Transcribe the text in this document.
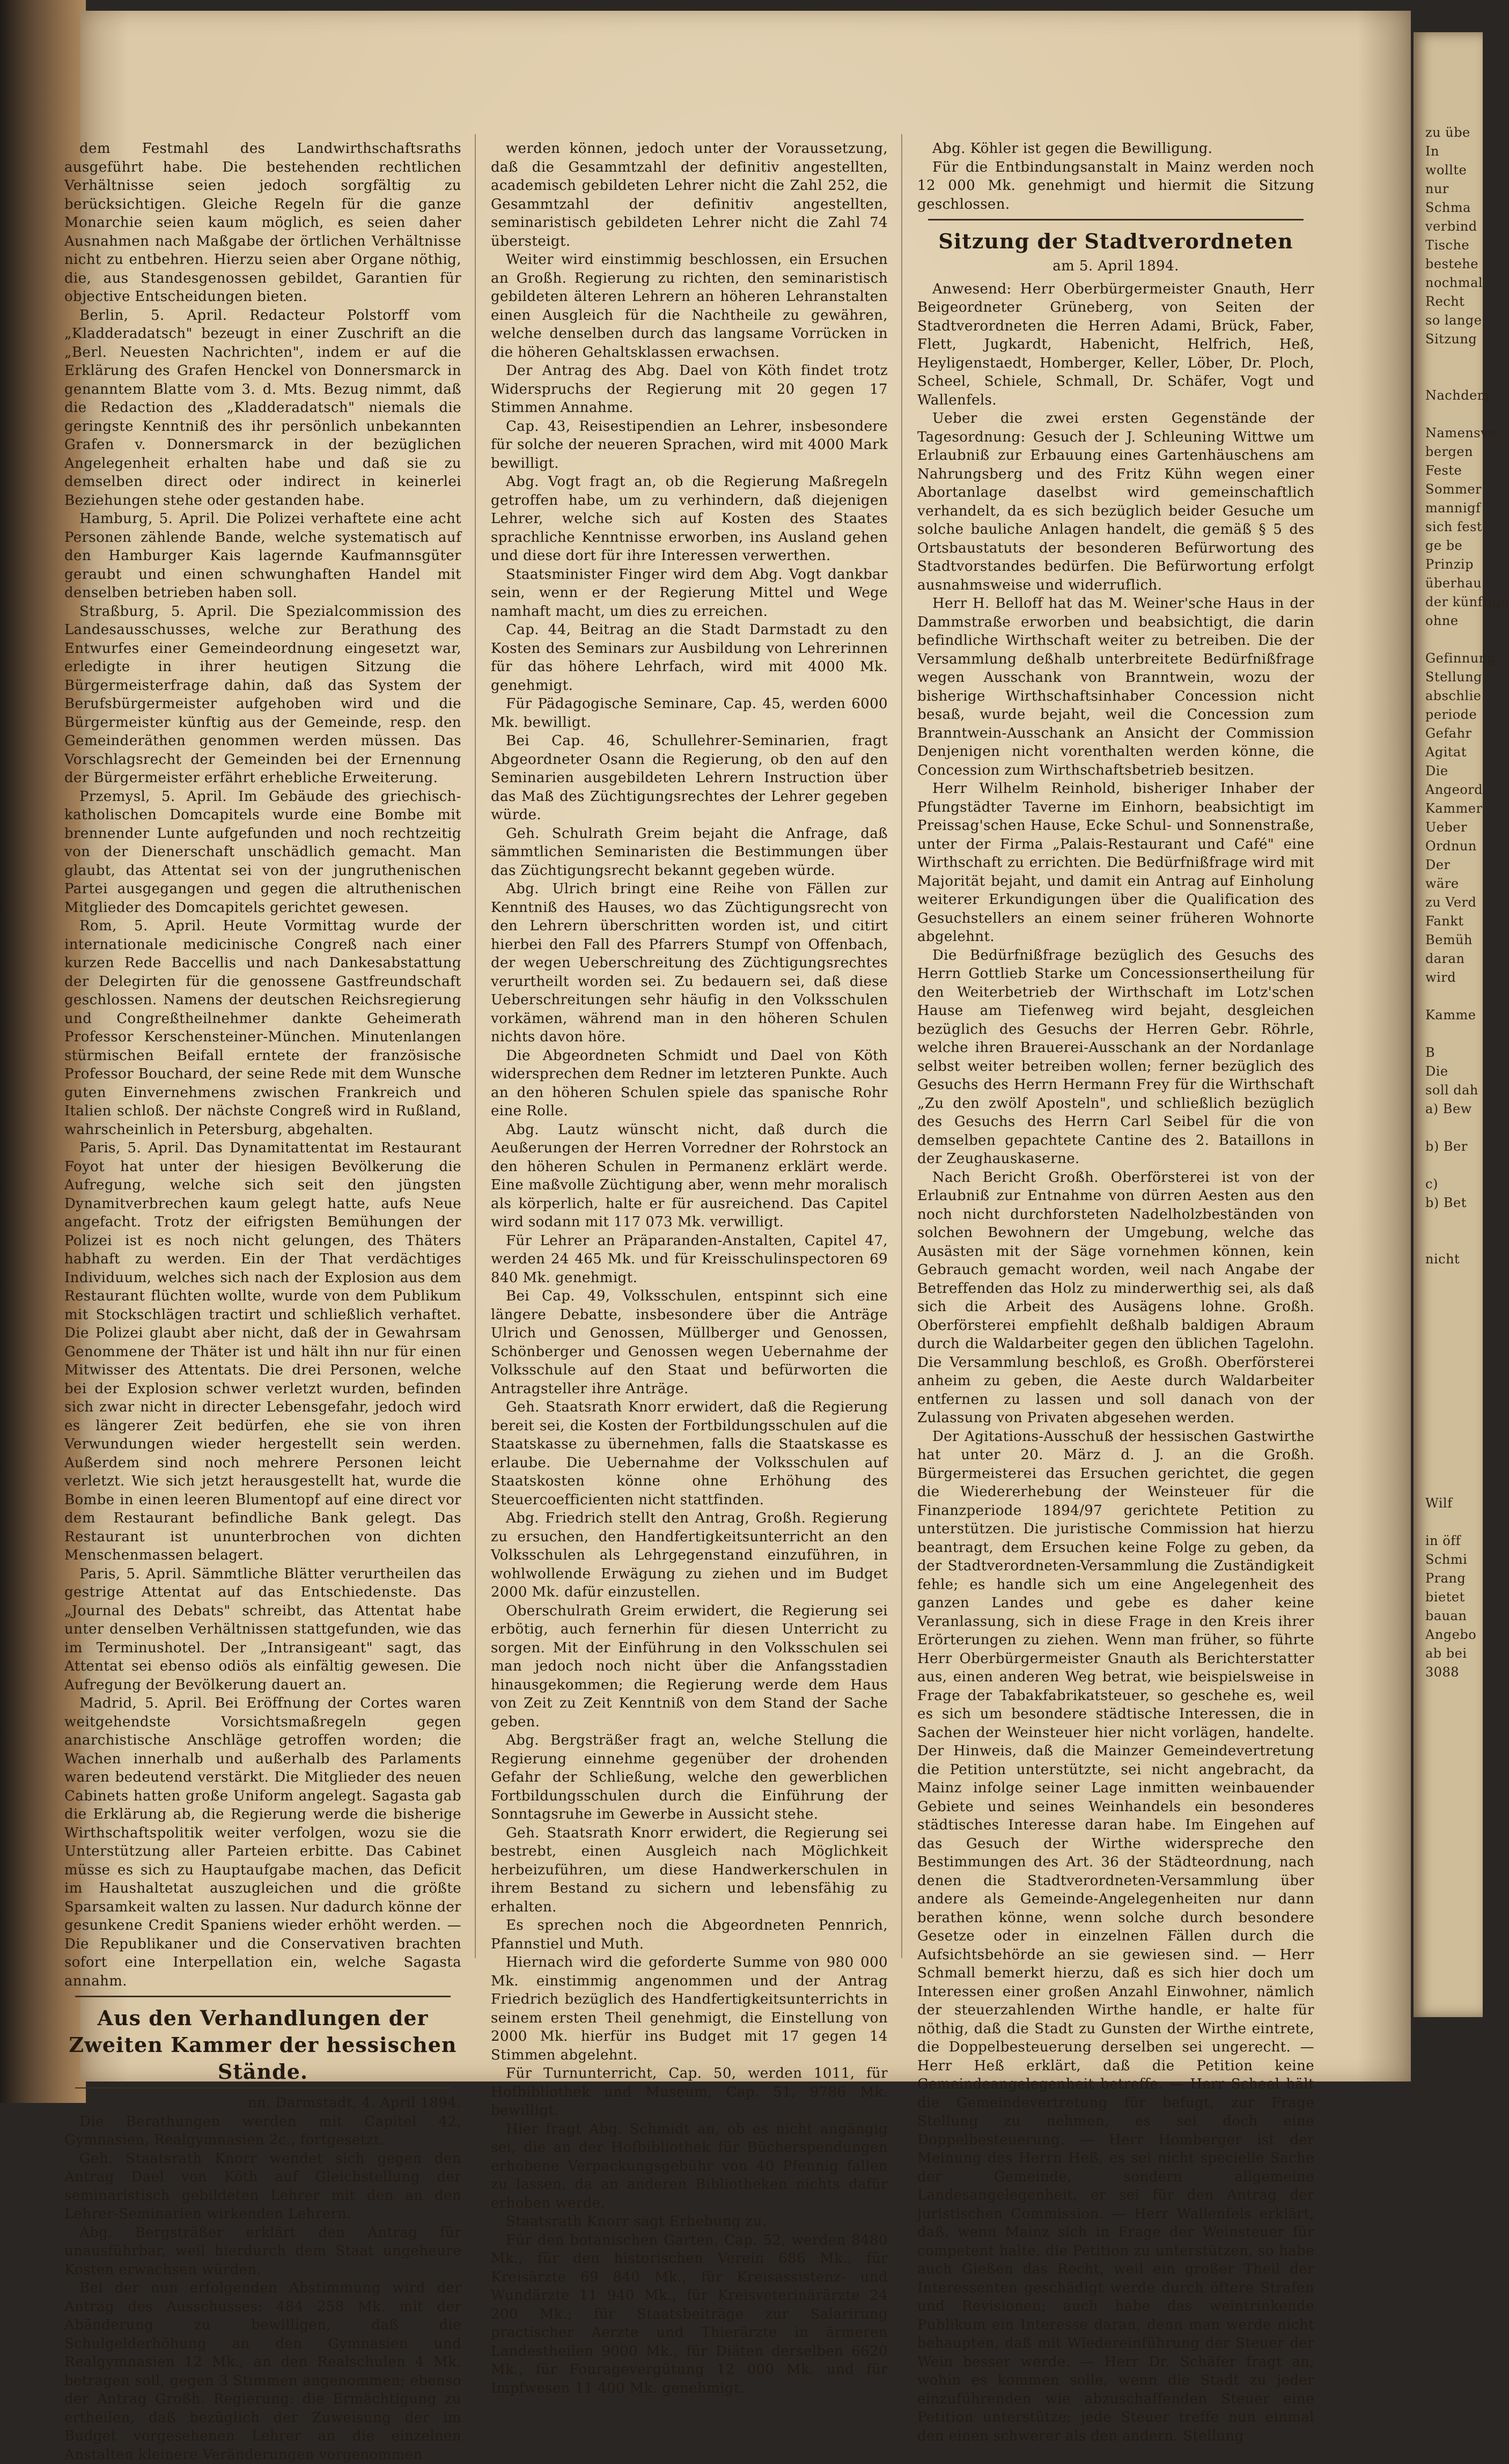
zu übe
In
wollte
nur
Schma
verbind
Tische
bestehe
nochmal
Recht
so lange
Sitzung

Nachdem

Namensve
bergen
Feste
Sommer
mannigf
sich fest
ge be
Prinzip
überhau
der künftige
ohne

Gefinnung
Stellung
abschlie
periode
Gefahr
Agitat
Die
Angeord
Kammer
Ueber
Ordnun
Der
wäre
zu Verd
Fankt
Bemüh
daran
wird

Kamme

B
Die
soll dah
a) Bew

b) Ber

c)
b) Bet

nicht

Wilf

in öff
Schmi
Prang
bietet
bauan
Angebo
ab bei
3088

dem Festmahl des Landwirthschaftsraths ausgeführt habe. Die bestehenden rechtlichen Verhältnisse seien jedoch sorgfältig zu berücksichtigen. Gleiche Regeln für die ganze Monarchie seien kaum möglich, es seien daher Ausnahmen nach Maßgabe der örtlichen Verhältnisse nicht zu entbehren. Hierzu seien aber Organe nöthig, die, aus Standesgenossen gebildet, Garantien für objective Entscheidungen bieten.

Berlin, 5. April. Redacteur Polstorff vom „Kladderadatsch" bezeugt in einer Zuschrift an die „Berl. Neuesten Nachrichten", indem er auf die Erklärung des Grafen Henckel von Donnersmarck in genanntem Blatte vom 3. d. Mts. Bezug nimmt, daß die Redaction des „Kladderadatsch" niemals die geringste Kenntniß des ihr persönlich unbekannten Grafen v. Donnersmarck in der bezüglichen Angelegenheit erhalten habe und daß sie zu demselben direct oder indirect in keinerlei Beziehungen stehe oder gestanden habe.

Hamburg, 5. April. Die Polizei verhaftete eine acht Personen zählende Bande, welche systematisch auf den Hamburger Kais lagernde Kaufmannsgüter geraubt und einen schwunghaften Handel mit denselben betrieben haben soll.

Straßburg, 5. April. Die Spezialcommission des Landesausschusses, welche zur Berathung des Entwurfes einer Gemeindeordnung eingesetzt war, erledigte in ihrer heutigen Sitzung die Bürgermeisterfrage dahin, daß das System der Berufsbürgermeister aufgehoben wird und die Bürgermeister künftig aus der Gemeinde, resp. den Gemeinderäthen genommen werden müssen. Das Vorschlagsrecht der Gemeinden bei der Ernennung der Bürgermeister erfährt erhebliche Erweiterung.

Przemysl, 5. April. Im Gebäude des griechisch-katholischen Domcapitels wurde eine Bombe mit brennender Lunte aufgefunden und noch rechtzeitig von der Dienerschaft unschädlich gemacht. Man glaubt, das Attentat sei von der jungruthenischen Partei ausgegangen und gegen die altruthenischen Mitglieder des Domcapitels gerichtet gewesen.

Rom, 5. April. Heute Vormittag wurde der internationale medicinische Congreß nach einer kurzen Rede Baccellis und nach Dankesabstattung der Delegirten für die genossene Gastfreundschaft geschlossen. Namens der deutschen Reichsregierung und Congreßtheilnehmer dankte Geheimerath Professor Kerschensteiner-München. Minutenlangen stürmischen Beifall erntete der französische Professor Bouchard, der seine Rede mit dem Wunsche guten Einvernehmens zwischen Frankreich und Italien schloß. Der nächste Congreß wird in Rußland, wahrscheinlich in Petersburg, abgehalten.

Paris, 5. April. Das Dynamitattentat im Restaurant Foyot hat unter der hiesigen Bevölkerung die Aufregung, welche sich seit den jüngsten Dynamitverbrechen kaum gelegt hatte, aufs Neue angefacht. Trotz der eifrigsten Bemühungen der Polizei ist es noch nicht gelungen, des Thäters habhaft zu werden. Ein der That verdächtiges Individuum, welches sich nach der Explosion aus dem Restaurant flüchten wollte, wurde von dem Publikum mit Stockschlägen tractirt und schließlich verhaftet. Die Polizei glaubt aber nicht, daß der in Gewahrsam Genommene der Thäter ist und hält ihn nur für einen Mitwisser des Attentats. Die drei Personen, welche bei der Explosion schwer verletzt wurden, befinden sich zwar nicht in directer Lebensgefahr, jedoch wird es längerer Zeit bedürfen, ehe sie von ihren Verwundungen wieder hergestellt sein werden. Außerdem sind noch mehrere Personen leicht verletzt. Wie sich jetzt herausgestellt hat, wurde die Bombe in einen leeren Blumentopf auf eine direct vor dem Restaurant befindliche Bank gelegt. Das Restaurant ist ununterbrochen von dichten Menschenmassen belagert.

Paris, 5. April. Sämmtliche Blätter verurtheilen das gestrige Attentat auf das Entschiedenste. Das „Journal des Debats" schreibt, das Attentat habe unter denselben Verhältnissen stattgefunden, wie das im Terminushotel. Der „Intransigeant" sagt, das Attentat sei ebenso odiös als einfältig gewesen. Die Aufregung der Bevölkerung dauert an.

Madrid, 5. April. Bei Eröffnung der Cortes waren weitgehendste Vorsichtsmaßregeln gegen anarchistische Anschläge getroffen worden; die Wachen innerhalb und außerhalb des Parlaments waren bedeutend verstärkt. Die Mitglieder des neuen Cabinets hatten große Uniform angelegt. Sagasta gab die Erklärung ab, die Regierung werde die bisherige Wirthschaftspolitik weiter verfolgen, wozu sie die Unterstützung aller Parteien erbitte. Das Cabinet müsse es sich zu Hauptaufgabe machen, das Deficit im Haushaltetat auszugleichen und die größte Sparsamkeit walten zu lassen. Nur dadurch könne der gesunkene Credit Spaniens wieder erhöht werden. — Die Republikaner und die Conservativen brachten sofort eine Interpellation ein, welche Sagasta annahm.

Aus den Verhandlungen der Zweiten Kammer der hessischen Stände.

nn. Darmstadt, 4. April 1894.

Die Berathungen werden mit Capitel 42, Gymnasien, Realgymnasien 2c., fortgesetzt.

Geh. Staatsrath Knorr wendet sich gegen den Antrag Dael von Köth auf Gleichstellung der seminaristisch gebildeten Lehrer mit den an den Lehrer-Seminarien wirkenden Lehrern.

Abg. Bergsträßer erklärt den Antrag für unausführbar, weil hierdurch dem Staat ungeheure Kosten erwachsen würden.

Bei der nun erfolgenden Abstimmung wird der Antrag des Ausschusses: 484 258 Mk. mit der Abänderung zu bewilligen, daß die Schulgelderhöhung an den Gymnasien und Realgymnasien 12 Mk., an den Realschulen 4 Mk. betragen soll, gegen 3 Stimmen angenommen; ebenso der Antrag Großh. Regierung: die Ermächtigung zu ertheilen, daß bezüglich der Zuweisung der im Budget vorgesehenen Lehrer an die einzelnen Anstalten kleinere Veränderungen vorgenommen

werden können, jedoch unter der Voraussetzung, daß die Gesammtzahl der definitiv angestellten, academisch gebildeten Lehrer nicht die Zahl 252, die Gesammtzahl der definitiv angestellten, seminaristisch gebildeten Lehrer nicht die Zahl 74 übersteigt.

Weiter wird einstimmig beschlossen, ein Ersuchen an Großh. Regierung zu richten, den seminaristisch gebildeten älteren Lehrern an höheren Lehranstalten einen Ausgleich für die Nachtheile zu gewähren, welche denselben durch das langsame Vorrücken in die höheren Gehaltsklassen erwachsen.

Der Antrag des Abg. Dael von Köth findet trotz Widerspruchs der Regierung mit 20 gegen 17 Stimmen Annahme.

Cap. 43, Reisestipendien an Lehrer, insbesondere für solche der neueren Sprachen, wird mit 4000 Mark bewilligt.

Abg. Vogt fragt an, ob die Regierung Maßregeln getroffen habe, um zu verhindern, daß diejenigen Lehrer, welche sich auf Kosten des Staates sprachliche Kenntnisse erworben, ins Ausland gehen und diese dort für ihre Interessen verwerthen.

Staatsminister Finger wird dem Abg. Vogt dankbar sein, wenn er der Regierung Mittel und Wege namhaft macht, um dies zu erreichen.

Cap. 44, Beitrag an die Stadt Darmstadt zu den Kosten des Seminars zur Ausbildung von Lehrerinnen für das höhere Lehrfach, wird mit 4000 Mk. genehmigt.

Für Pädagogische Seminare, Cap. 45, werden 6000 Mk. bewilligt.

Bei Cap. 46, Schullehrer-Seminarien, fragt Abgeordneter Osann die Regierung, ob den auf den Seminarien ausgebildeten Lehrern Instruction über das Maß des Züchtigungsrechtes der Lehrer gegeben würde.

Geh. Schulrath Greim bejaht die Anfrage, daß sämmtlichen Seminaristen die Bestimmungen über das Züchtigungsrecht bekannt gegeben würde.

Abg. Ulrich bringt eine Reihe von Fällen zur Kenntniß des Hauses, wo das Züchtigungsrecht von den Lehrern überschritten worden ist, und citirt hierbei den Fall des Pfarrers Stumpf von Offenbach, der wegen Ueberschreitung des Züchtigungsrechtes verurtheilt worden sei. Zu bedauern sei, daß diese Ueberschreitungen sehr häufig in den Volksschulen vorkämen, während man in den höheren Schulen nichts davon höre.

Die Abgeordneten Schmidt und Dael von Köth widersprechen dem Redner im letzteren Punkte. Auch an den höheren Schulen spiele das spanische Rohr eine Rolle.

Abg. Lautz wünscht nicht, daß durch die Aeußerungen der Herren Vorredner der Rohrstock an den höheren Schulen in Permanenz erklärt werde. Eine maßvolle Züchtigung aber, wenn mehr moralisch als körperlich, halte er für ausreichend. Das Capitel wird sodann mit 117 073 Mk. verwilligt.

Für Lehrer an Präparanden-Anstalten, Capitel 47, werden 24 465 Mk. und für Kreisschulinspectoren 69 840 Mk. genehmigt.

Bei Cap. 49, Volksschulen, entspinnt sich eine längere Debatte, insbesondere über die Anträge Ulrich und Genossen, Müllberger und Genossen, Schönberger und Genossen wegen Uebernahme der Volksschule auf den Staat und befürworten die Antragsteller ihre Anträge.

Geh. Staatsrath Knorr erwidert, daß die Regierung bereit sei, die Kosten der Fortbildungsschulen auf die Staatskasse zu übernehmen, falls die Staatskasse es erlaube. Die Uebernahme der Volksschulen auf Staatskosten könne ohne Erhöhung des Steuercoefficienten nicht stattfinden.

Abg. Friedrich stellt den Antrag, Großh. Regierung zu ersuchen, den Handfertigkeitsunterricht an den Volksschulen als Lehrgegenstand einzuführen, in wohlwollende Erwägung zu ziehen und im Budget 2000 Mk. dafür einzustellen.

Oberschulrath Greim erwidert, die Regierung sei erbötig, auch fernerhin für diesen Unterricht zu sorgen. Mit der Einführung in den Volksschulen sei man jedoch noch nicht über die Anfangsstadien hinausgekommen; die Regierung werde dem Haus von Zeit zu Zeit Kenntniß von dem Stand der Sache geben.

Abg. Bergsträßer fragt an, welche Stellung die Regierung einnehme gegenüber der drohenden Gefahr der Schließung, welche den gewerblichen Fortbildungsschulen durch die Einführung der Sonntagsruhe im Gewerbe in Aussicht stehe.

Geh. Staatsrath Knorr erwidert, die Regierung sei bestrebt, einen Ausgleich nach Möglichkeit herbeizuführen, um diese Handwerkerschulen in ihrem Bestand zu sichern und lebensfähig zu erhalten.

Es sprechen noch die Abgeordneten Pennrich, Pfannstiel und Muth.

Hiernach wird die geforderte Summe von 980 000 Mk. einstimmig angenommen und der Antrag Friedrich bezüglich des Handfertigkeitsunterrichts in seinem ersten Theil genehmigt, die Einstellung von 2000 Mk. hierfür ins Budget mit 17 gegen 14 Stimmen abgelehnt.

Für Turnunterricht, Cap. 50, werden 1011, für Hofbibliothek und Museum, Cap. 51, 9786 Mk. bewilligt.

Hier fragt Abg. Schmidt an, ob es nicht angängig sei, die an der Hofbibliothek für Bücherspendungen erhobene Verpackungsgebühr von 40 Pfennig fallen zu lassen, da an anderen Bibliotheken nichts dafür erhoben werde.

Staatsrath Knorr sagt Erhebung zu.

Für den botanischen Garten, Cap. 52, werden 8480 Mk., für den historischen Verein 686 Mk., für Kreisärzte 69 840 Mk., für Kreisassistenz- und Wundärzte 11 940 Mk., für Kreisveterinärärzte 24 200 Mk.; für Staatsbeiträge zur Salarirung practischer Aerzte und Thierärzte in ärmeren Landestheilen 9000 Mk., für Diäten derselben 6620 Mk., für Fouragevergütung 12 000 Mk. und für Impfwesen 11 400 Mk. genehmigt.

Abg. Köhler ist gegen die Bewilligung.

Für die Entbindungsanstalt in Mainz werden noch 12 000 Mk. genehmigt und hiermit die Sitzung geschlossen.

Sitzung der Stadtverordneten

am 5. April 1894.

Anwesend: Herr Oberbürgermeister Gnauth, Herr Beigeordneter Grüneberg, von Seiten der Stadtverordneten die Herren Adami, Brück, Faber, Flett, Jugkardt, Habenicht, Helfrich, Heß, Heyligenstaedt, Homberger, Keller, Löber, Dr. Ploch, Scheel, Schiele, Schmall, Dr. Schäfer, Vogt und Wallenfels.

Ueber die zwei ersten Gegenstände der Tagesordnung: Gesuch der J. Schleuning Wittwe um Erlaubniß zur Erbauung eines Gartenhäuschens am Nahrungsberg und des Fritz Kühn wegen einer Abortanlage daselbst wird gemeinschaftlich verhandelt, da es sich bezüglich beider Gesuche um solche bauliche Anlagen handelt, die gemäß § 5 des Ortsbaustatuts der besonderen Befürwortung des Stadtvorstandes bedürfen. Die Befürwortung erfolgt ausnahmsweise und widerruflich.

Herr H. Belloff hat das M. Weiner'sche Haus in der Dammstraße erworben und beabsichtigt, die darin befindliche Wirthschaft weiter zu betreiben. Die der Versammlung deßhalb unterbreitete Bedürfnißfrage wegen Ausschank von Branntwein, wozu der bisherige Wirthschaftsinhaber Concession nicht besaß, wurde bejaht, weil die Concession zum Branntwein-Ausschank an Ansicht der Commission Denjenigen nicht vorenthalten werden könne, die Concession zum Wirthschaftsbetrieb besitzen.

Herr Wilhelm Reinhold, bisheriger Inhaber der Pfungstädter Taverne im Einhorn, beabsichtigt im Preissag'schen Hause, Ecke Schul- und Sonnenstraße, unter der Firma „Palais-Restaurant und Café" eine Wirthschaft zu errichten. Die Bedürfnißfrage wird mit Majorität bejaht, und damit ein Antrag auf Einholung weiterer Erkundigungen über die Qualification des Gesuchstellers an einem seiner früheren Wohnorte abgelehnt.

Die Bedürfnißfrage bezüglich des Gesuchs des Herrn Gottlieb Starke um Concessionsertheilung für den Weiterbetrieb der Wirthschaft im Lotz'schen Hause am Tiefenweg wird bejaht, desgleichen bezüglich des Gesuchs der Herren Gebr. Röhrle, welche ihren Brauerei-Ausschank an der Nordanlage selbst weiter betreiben wollen; ferner bezüglich des Gesuchs des Herrn Hermann Frey für die Wirthschaft „Zu den zwölf Aposteln", und schließlich bezüglich des Gesuchs des Herrn Carl Seibel für die von demselben gepachtete Cantine des 2. Bataillons in der Zeughauskaserne.

Nach Bericht Großh. Oberförsterei ist von der Erlaubniß zur Entnahme von dürren Aesten aus den noch nicht durchforsteten Nadelholzbeständen von solchen Bewohnern der Umgebung, welche das Ausästen mit der Säge vornehmen können, kein Gebrauch gemacht worden, weil nach Angabe der Betreffenden das Holz zu minderwerthig sei, als daß sich die Arbeit des Ausägens lohne. Großh. Oberförsterei empfiehlt deßhalb baldigen Abraum durch die Waldarbeiter gegen den üblichen Tagelohn. Die Versammlung beschloß, es Großh. Oberförsterei anheim zu geben, die Aeste durch Waldarbeiter entfernen zu lassen und soll danach von der Zulassung von Privaten abgesehen werden.

Der Agitations-Ausschuß der hessischen Gastwirthe hat unter 20. März d. J. an die Großh. Bürgermeisterei das Ersuchen gerichtet, die gegen die Wiedererhebung der Weinsteuer für die Finanzperiode 1894/97 gerichtete Petition zu unterstützen. Die juristische Commission hat hierzu beantragt, dem Ersuchen keine Folge zu geben, da der Stadtverordneten-Versammlung die Zuständigkeit fehle; es handle sich um eine Angelegenheit des ganzen Landes und gebe es daher keine Veranlassung, sich in diese Frage in den Kreis ihrer Erörterungen zu ziehen. Wenn man früher, so führte Herr Oberbürgermeister Gnauth als Berichterstatter aus, einen anderen Weg betrat, wie beispielsweise in Frage der Tabakfabrikatsteuer, so geschehe es, weil es sich um besondere städtische Interessen, die in Sachen der Weinsteuer hier nicht vorlägen, handelte. Der Hinweis, daß die Mainzer Gemeindevertretung die Petition unterstützte, sei nicht angebracht, da Mainz infolge seiner Lage inmitten weinbauender Gebiete und seines Weinhandels ein besonderes städtisches Interesse daran habe. Im Eingehen auf das Gesuch der Wirthe widerspreche den Bestimmungen des Art. 36 der Städteordnung, nach denen die Stadtverordneten-Versammlung über andere als Gemeinde-Angelegenheiten nur dann berathen könne, wenn solche durch besondere Gesetze oder in einzelnen Fällen durch die Aufsichtsbehörde an sie gewiesen sind. — Herr Schmall bemerkt hierzu, daß es sich hier doch um Interessen einer großen Anzahl Einwohner, nämlich der steuerzahlenden Wirthe handle, er halte für nöthig, daß die Stadt zu Gunsten der Wirthe eintrete, die Doppelbesteuerung derselben sei ungerecht. — Herr Heß erklärt, daß die Petition keine Gemeindeangelegenheit betreffe. — Herr Scheel hält die Gemeindevertretung für befugt, zur Frage Stellung zu nehmen, es sei doch eine Doppelbesteuerung. — Herr Homberger ist der Meinung des Herrn Heß, es sei nicht specielle Sache der Gemeinde, sondern allgemeine Landesangelegenheit, er sei für den Antrag der juristischen Commission. — Herr Wallenfels erklärt, daß, wenn Mainz sich in Frage der Weinsteuer für competent halte, die Petition zu unterstützen, so habe auch Gießen das Recht, weil ein großer Theil der Interessenten geschädigt werde durch öftere Strafen und Revisionen; auch habe das weintrinkende Publikum ein Interesse daran, denn man werde nicht behaupten, daß mit Wiedereinführung der Steuer der Wein besser werde. — Herr Dr. Schäfer fragt an, wohin es kommen solle, wenn die Stadt zu jeder einzuführenden wie abzuschaffenden Steuer eine Petition unterstütze; jede Steuer treffe nun einmal den einen schwerer als den andern. Stellung
